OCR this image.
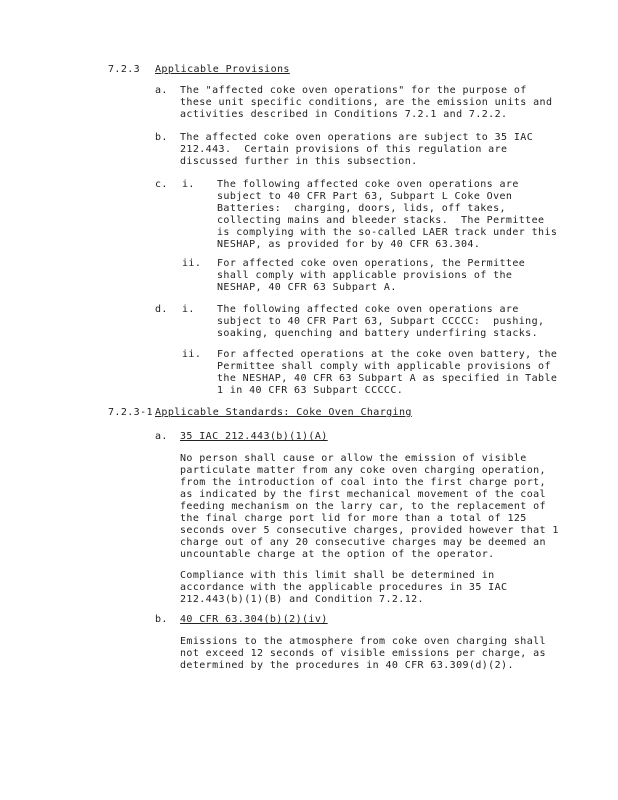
7.2.3 Applicable Provisions
a. The "affected coke oven operations" for the purpose of
these unit specific conditions, are the emission units and
activities described in Conditions 7.2.1 and 7.2.2.
b. The affected coke oven operations are subject to 35 IAC
212.443.  Certain provisions of this regulation are
discussed further in this subsection.
c. i. The following affected coke oven operations are
subject to 40 CFR Part 63, Subpart L Coke Oven
Batteries:  charging, doors, lids, off takes,
collecting mains and bleeder stacks.  The Permittee
is complying with the so-called LAER track under this
NESHAP, as provided for by 40 CFR 63.304.
ii. For affected coke oven operations, the Permittee
shall comply with applicable provisions of the
NESHAP, 40 CFR 63 Subpart A.
d. i. The following affected coke oven operations are
subject to 40 CFR Part 63, Subpart CCCCC:  pushing,
soaking, quenching and battery underfiring stacks.
ii. For affected operations at the coke oven battery, the
Permittee shall comply with applicable provisions of
the NESHAP, 40 CFR 63 Subpart A as specified in Table
1 in 40 CFR 63 Subpart CCCCC.
7.2.3-1 Applicable Standards: Coke Oven Charging
a. 35 IAC 212.443(b)(1)(A)
No person shall cause or allow the emission of visible
particulate matter from any coke oven charging operation,
from the introduction of coal into the first charge port,
as indicated by the first mechanical movement of the coal
feeding mechanism on the larry car, to the replacement of
the final charge port lid for more than a total of 125
seconds over 5 consecutive charges, provided however that 1
charge out of any 20 consecutive charges may be deemed an
uncountable charge at the option of the operator.
Compliance with this limit shall be determined in
accordance with the applicable procedures in 35 IAC
212.443(b)(1)(B) and Condition 7.2.12.
b. 40 CFR 63.304(b)(2)(iv)
Emissions to the atmosphere from coke oven charging shall
not exceed 12 seconds of visible emissions per charge, as
determined by the procedures in 40 CFR 63.309(d)(2).
